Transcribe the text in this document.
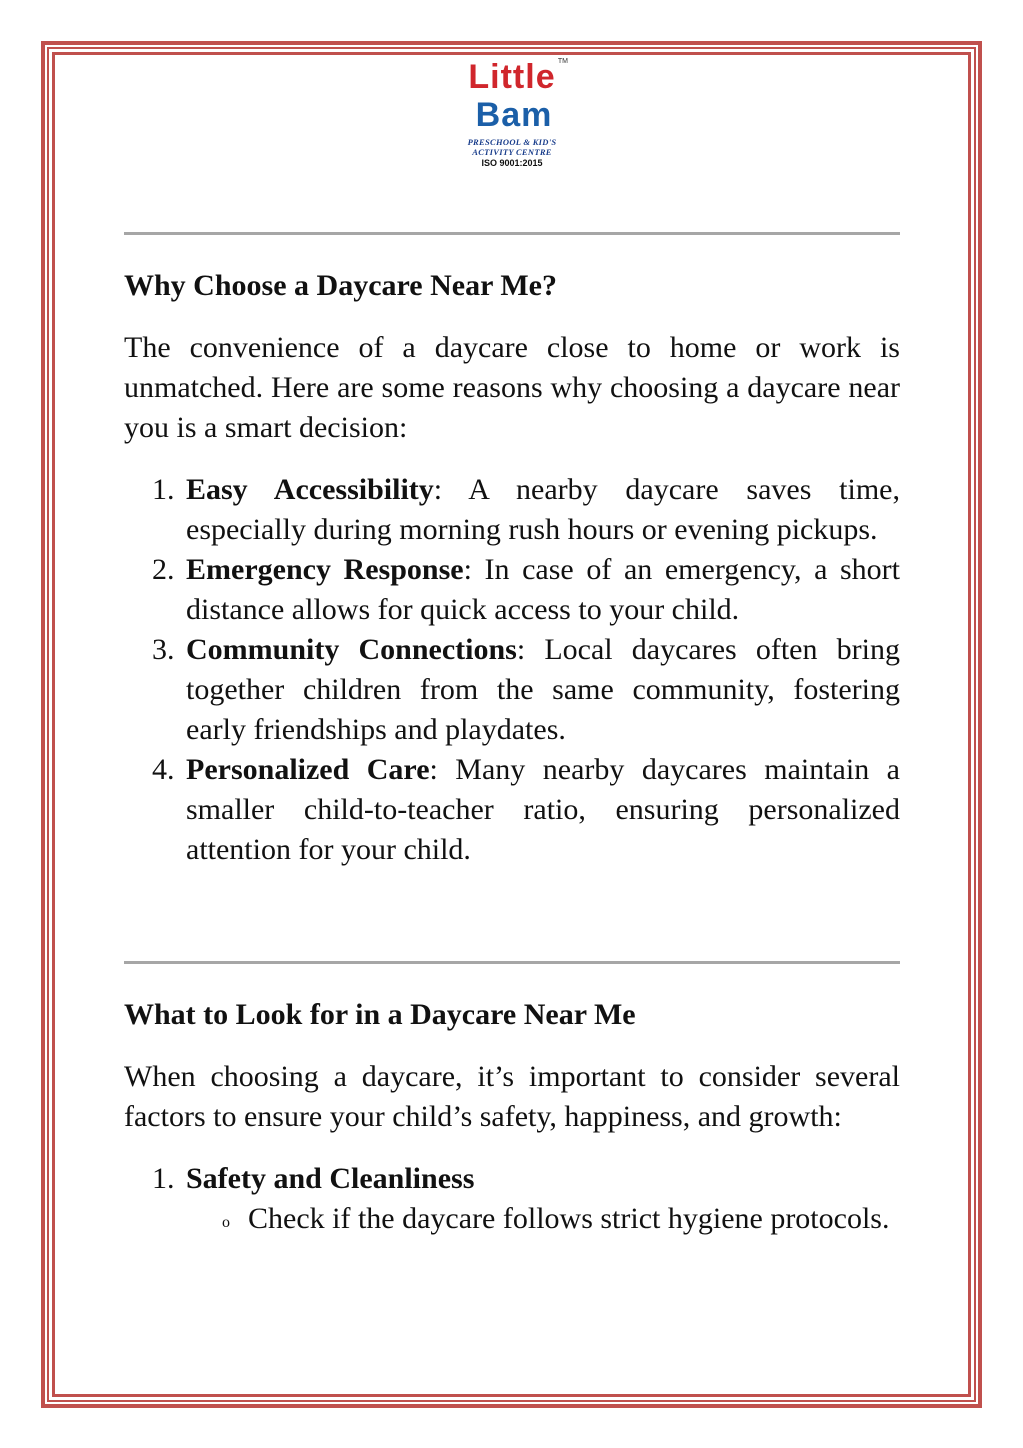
Little TM
Bam
PRESCHOOL & KID'S
ACTIVITY CENTRE
ISO 9001:2015
Why Choose a Daycare Near Me?

The convenience of a daycare close to home or work is unmatched. Here are some reasons why choosing a daycare near you is a smart decision:

1. Easy Accessibility: A nearby daycare saves time, especially during morning rush hours or evening pickups.
2. Emergency Response: In case of an emergency, a short distance allows for quick access to your child.
3. Community Connections: Local daycares often bring together children from the same community, fostering early friendships and playdates.
4. Personalized Care: Many nearby daycares maintain a smaller child-to-teacher ratio, ensuring personalized attention for your child.
What to Look for in a Daycare Near Me

When choosing a daycare, it’s important to consider several factors to ensure your child’s safety, happiness, and growth:

1. Safety and Cleanliness
o Check if the daycare follows strict hygiene protocols.
